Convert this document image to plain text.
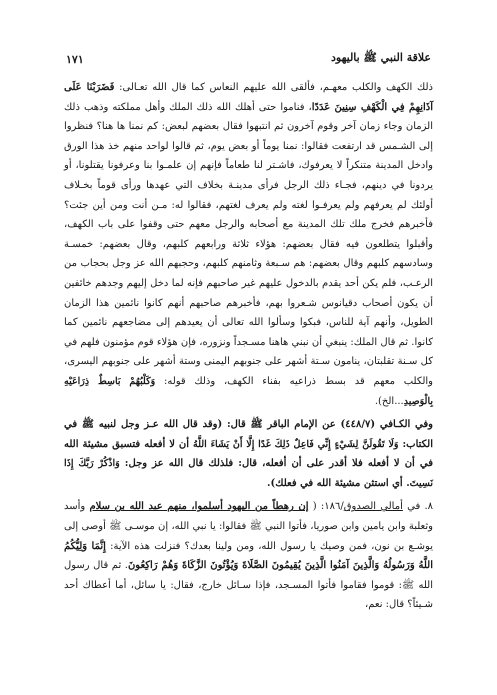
علاقة النبي ﷺ باليهود
١٧١

ذلك الكهف والكلب معهـم، فألقى الله عليهم النعاس كما قال الله تعـالى: فَضَرَبْنَا عَلَى آذَانِهِمْ فِي الْكَهْفِ سِنِينَ عَدَدًا، فناموا حتى أهلك الله ذلك الملك وأهل مملكته وذهب ذلك الزمان وجاء زمان آخر وقوم آخرون ثم انتبهوا فقال بعضهم لبعض: كم نمنا ها هنا؟ فنظروا إلى الشـمس قد ارتفعت فقالوا: نمنا يوماً أو بعض يوم، ثم قالوا لواحد منهم خذ هذا الورق وادخل المدينة متنكراً لا يعرفوك، فاشـتر لنا طعاماً فإنهم إن علمـوا بنا وعرفونا يقتلونا، أو يردونا في دينهم، فجـاء ذلك الرجل فرأى مدينـة بخلاف التي عهدها ورأى قوماً بخـلاف أولئك لم يعرفهم ولم يعرفـوا لغته ولم يعرف لغتهم، فقالوا له: مـن أنت ومن أين جئت؟ فأخبرهم فخرج ملك تلك المدينة مع أصحابه والرجل معهم حتى وقفوا على باب الكهف، وأقبلوا يتطلعون فيه فقال بعضهم: هؤلاء ثلاثة ورابعهم كلبهم، وقال بعضهم: خمسـة وسادسهم كلبهم وقال بعضهم: هم سـبعة وثامنهم كلبهم، وحجبهم الله عز وجل بحجاب من الرعـب، فلم يكن أحد يقدم بالدخول عليهم غير صاحبهم فإنه لما دخل إليهم وجدهم خائفين أن يكون أصحاب دقيانوس شـعروا بهم، فأخبرهم صاحبهم أنهم كانوا نائمين هذا الزمان الطويل، وأنهم آية للناس، فبكوا وسألوا الله تعالى أن يعيدهم إلى مضاجعهم نائمين كما كانوا. ثم قال الملك: ينبغي أن نبني هاهنا مسـجداً ونزوره، فإن هؤلاء قوم مؤمنون فلهم في كل سـنة تقلبتان، ينامون سـتة أشهر على جنوبهم اليمنى وستة أشهر على جنوبهم اليسرى، والكلب معهم قد بسط ذراعيه بفناء الكهف، وذلك قوله: وَكَلْبُهُمْ بَاسِطٌ ذِرَاعَيْهِ بِالْوَصِيدِ...الخ).

وفي الكـافي (٤٤٨/٧) عن الإمام الباقر ﷺ قال: (وقد قال الله عـز وجل لنبيه ﷺ في الكتاب: وَلَا تَقُولَنَّ لِشَيْءٍ إِنِّي فَاعِلٌ ذَلِكَ غَدًا إِلَّا أَنْ يَشَاءَ اللَّهُ أن لا أفعله فتسبق مشيئة الله في أن لا أفعله فلا أقدر على أن أفعله، قال: فلذلك قال الله عز وجل: وَاذْكُرْ رَبَّكَ إِذَا نَسِيتَ. أي استثن مشيئة الله في فعلك).

٨. في أمالي الصدوق/١٨٦: ( إن رهطاً من اليهود أسلموا، منهم عبد الله بن سلام وأسد وثعلبة وابن يامين وابن صوريا، فأتوا النبي ﷺ فقالوا: يا نبي الله، إن موسـى ﷺ أوصى إلى يوشـع بن نون، فمن وصيك يا رسول الله، ومن ولينا بعدك؟ فنزلت هذه الآية: إِنَّمَا وَلِيُّكُمُ اللَّهُ وَرَسُولُهُ وَالَّذِينَ آمَنُوا الَّذِينَ يُقِيمُونَ الصَّلَاةَ وَيُؤْتُونَ الزَّكَاةَ وَهُمْ رَاكِعُونَ. ثم قال رسول الله ﷺ: قوموا فقاموا فأتوا المسـجد، فإذا سـائل خارج، فقال: يا سائل، أما أعطاك أحد شـيئاً؟ قال: نعم،
